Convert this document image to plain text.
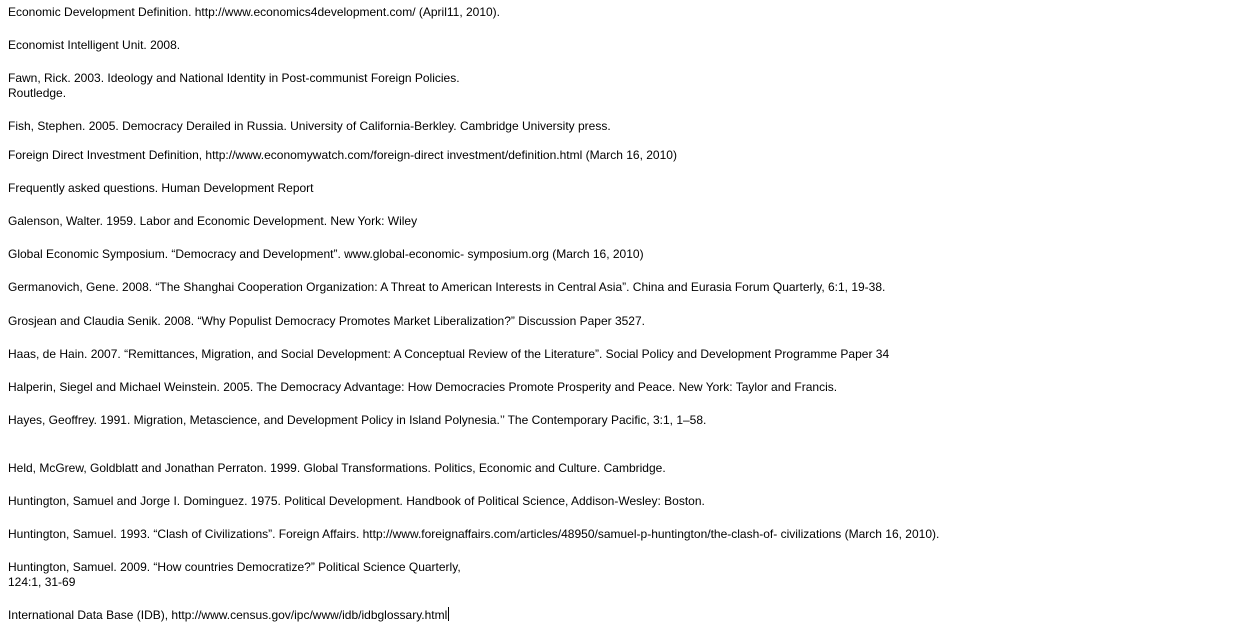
Economic Development Definition. http://www.economics4development.com/ (April11, 2010).
Economist Intelligent Unit. 2008.
Fawn, Rick. 2003. Ideology and National Identity in Post-communist Foreign Policies.
Routledge.
Fish, Stephen. 2005. Democracy Derailed in Russia. University of California-Berkley. Cambridge University press.
Foreign Direct Investment Definition, http://www.economywatch.com/foreign-direct investment/definition.html (March 16, 2010)
Frequently asked questions. Human Development Report
Galenson, Walter. 1959. Labor and Economic Development. New York: Wiley
Global Economic Symposium. “Democracy and Development”. www.global-economic- symposium.org (March 16, 2010)
Germanovich, Gene. 2008. “The Shanghai Cooperation Organization: A Threat to American Interests in Central Asia”. China and Eurasia Forum Quarterly, 6:1, 19-38.
Grosjean and Claudia Senik. 2008. “Why Populist Democracy Promotes Market Liberalization?” Discussion Paper 3527.
Haas, de Hain. 2007. “Remittances, Migration, and Social Development: A Conceptual Review of the Literature”. Social Policy and Development Programme Paper 34
Halperin, Siegel and Michael Weinstein. 2005. The Democracy Advantage: How Democracies Promote Prosperity and Peace. New York: Taylor and Francis.
Hayes, Geoffrey. 1991. Migration, Metascience, and Development Policy in Island Polynesia.’’ The Contemporary Pacific, 3:1, 1–58.
Held, McGrew, Goldblatt and Jonathan Perraton. 1999. Global Transformations. Politics, Economic and Culture. Cambridge.
Huntington, Samuel and Jorge I. Dominguez. 1975. Political Development. Handbook of Political Science, Addison-Wesley: Boston.
Huntington, Samuel. 1993. “Clash of Civilizations”. Foreign Affairs. http://www.foreignaffairs.com/articles/48950/samuel-p-huntington/the-clash-of- civilizations (March 16, 2010).
Huntington, Samuel. 2009. “How countries Democratize?” Political Science Quarterly,
124:1, 31-69
International Data Base (IDB), http://www.census.gov/ipc/www/idb/idbglossary.html
